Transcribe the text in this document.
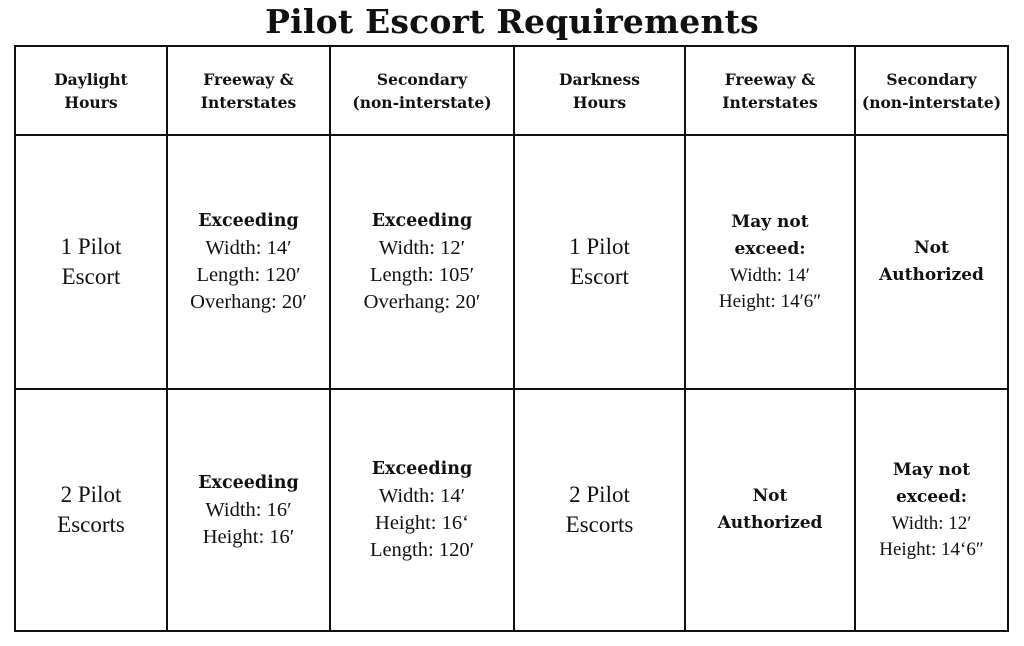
Pilot Escort Requirements
Daylight
Hours
Freeway &
Interstates
Secondary
(non-interstate)
Darkness
Hours
Freeway &
Interstates
Secondary
(non-interstate)
1 Pilot
Escort
Exceeding
Width: 14′
Length: 120′
Overhang: 20′
Exceeding
Width: 12′
Length: 105′
Overhang: 20′
1 Pilot
Escort
May not
exceed:
Width: 14′
Height: 14′6″
Not
Authorized
2 Pilot
Escorts
Exceeding
Width: 16′
Height: 16′
Exceeding
Width: 14′
Height: 16‘
Length: 120′
2 Pilot
Escorts
Not
Authorized
May not
exceed:
Width: 12′
Height: 14‘6″
